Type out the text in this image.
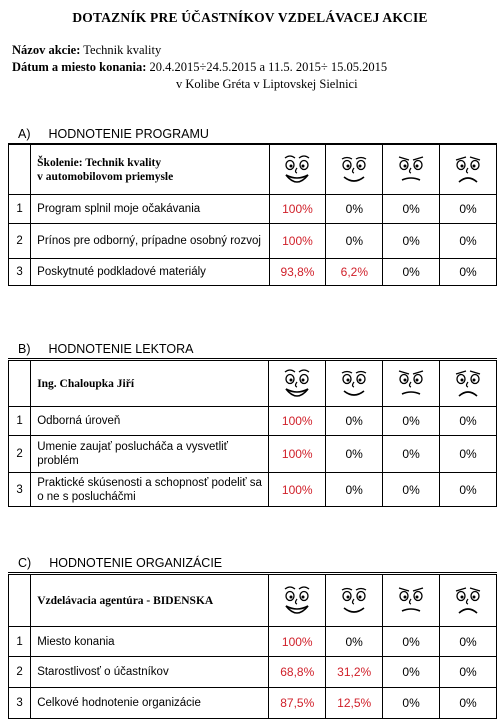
DOTAZNÍK PRE ÚČASTNÍKOV VZDELÁVACEJ AKCIE
Názov akcie: Technik kvality
Dátum a miesto konania: 20.4.2015÷24.5.2015 a 11.5. 2015÷ 15.05.2015
v Kolibe Gréta v Liptovskej Sielnici
A) HODNOTENIE PROGRAMU
	Školenie: Technik kvality
v automobilovom priemysle	

1	Program splnil moje očakávania	100%	0%	0%	0%
2	Prínos pre odborný, prípadne osobný rozvoj	100%	0%	0%	0%
3	Poskytnuté podkladové materiály	93,8%	6,2%	0%	0%
B) HODNOTENIE LEKTORA
	Ing. Chaloupka Jiří	

1	Odborná úroveň	100%	0%	0%	0%
2	Umenie zaujať poslucháča a vysvetliť problém	100%	0%	0%	0%
3	Praktické skúsenosti a schopnosť podeliť sa o ne s poslucháčmi	100%	0%	0%	0%
C) HODNOTENIE ORGANIZÁCIE
	Vzdelávacia agentúra - BIDENSKA	

1	Miesto konania	100%	0%	0%	0%
2	Starostlivosť o účastníkov	68,8%	31,2%	0%	0%
3	Celkové hodnotenie organizácie	87,5%	12,5%	0%	0%
